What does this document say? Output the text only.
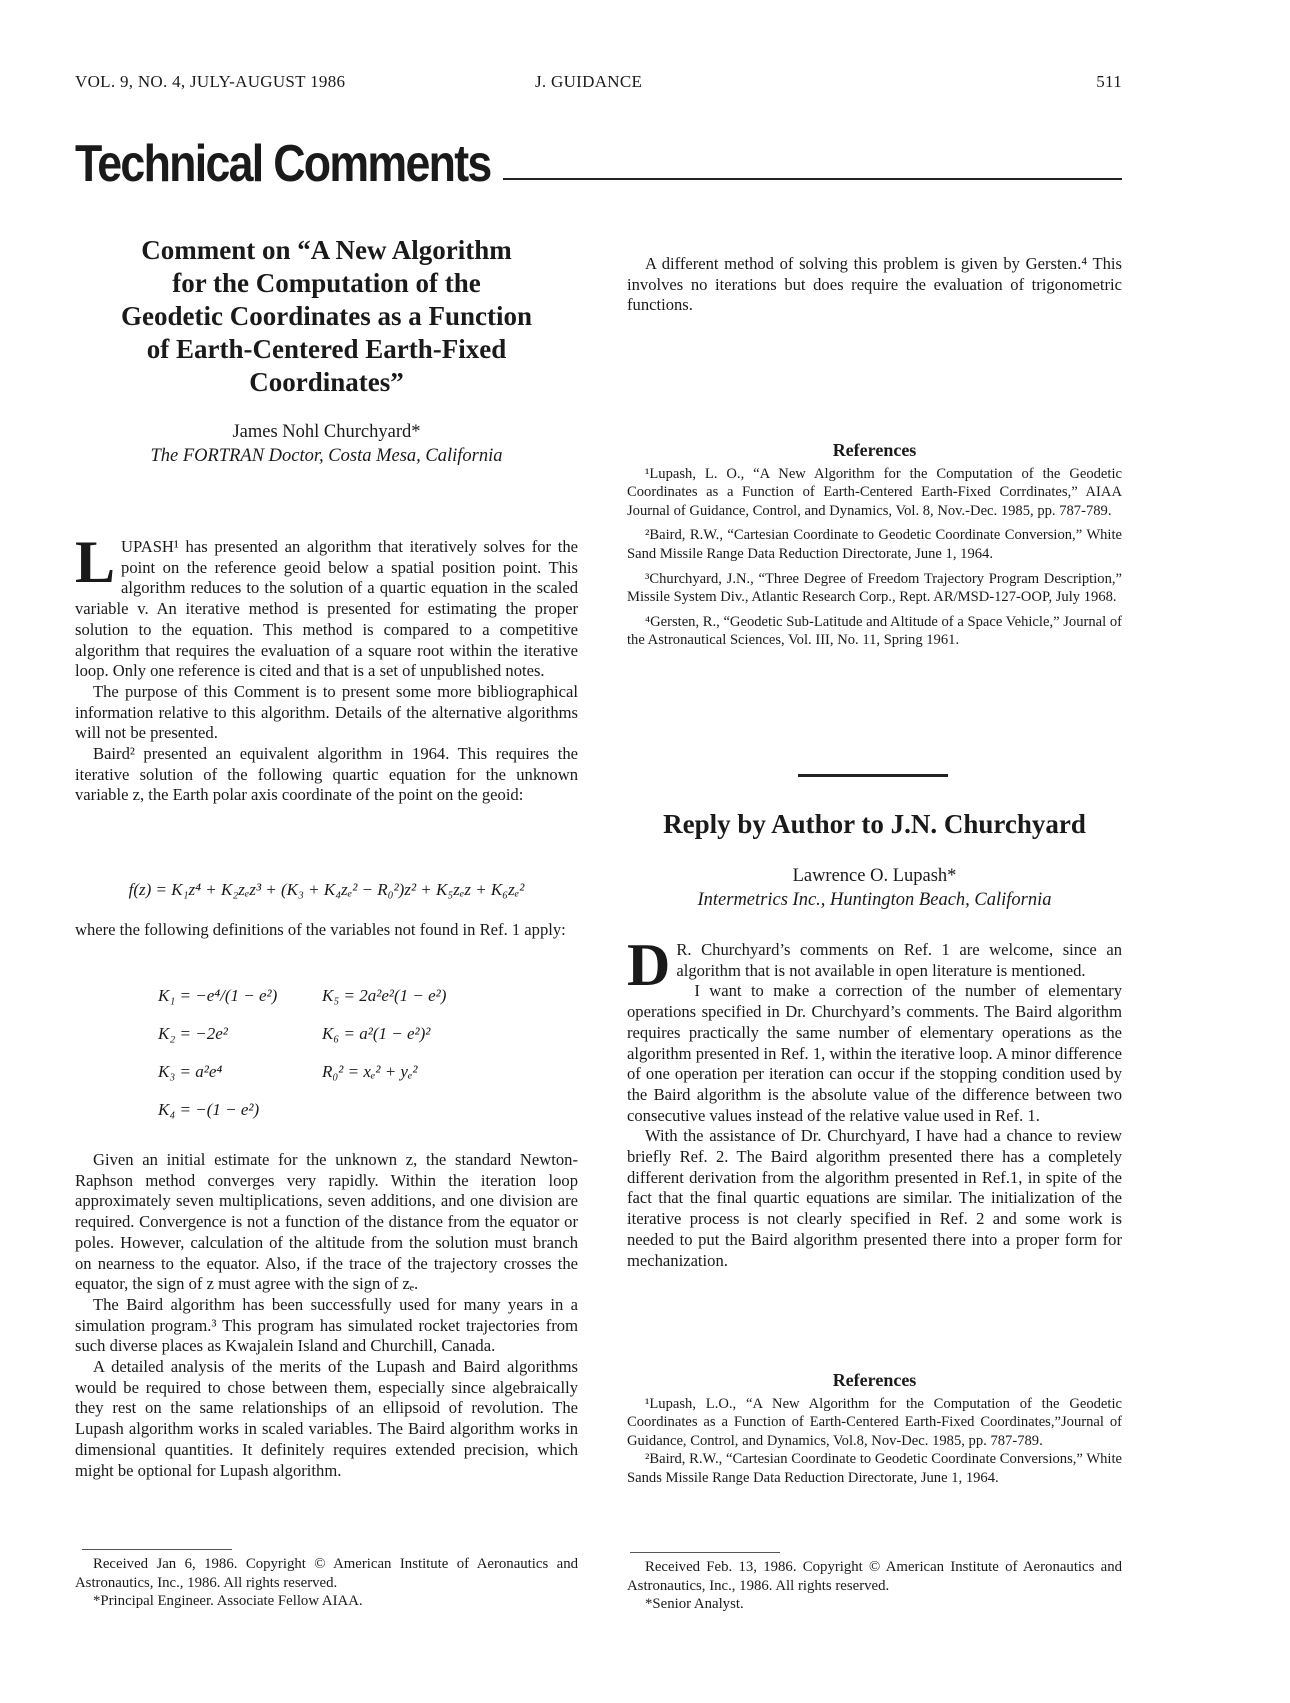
VOL. 9, NO. 4, JULY-AUGUST 1986	J. GUIDANCE	511
Technical Comments
Comment on “A New Algorithm for the Computation of the Geodetic Coordinates as a Function of Earth-Centered Earth-Fixed Coordinates”

James Nohl Churchyard*

The FORTRAN Doctor, Costa Mesa, California

LUPASH¹ has presented an algorithm that iteratively solves for the point on the reference geoid below a spatial position point. This algorithm reduces to the solution of a quartic equation in the scaled variable v. An iterative method is presented for estimating the proper solution to the equation. This method is compared to a competitive algorithm that requires the evaluation of a square root within the iterative loop. Only one reference is cited and that is a set of unpublished notes.

The purpose of this Comment is to present some more bibliographical information relative to this algorithm. Details of the alternative algorithms will not be presented.

Baird² presented an equivalent algorithm in 1964. This requires the iterative solution of the following quartic equation for the unknown variable z, the Earth polar axis coordinate of the point on the geoid:

f(z) = K₁z⁴ + K₂zₑz³ + (K₃ + K₄zₑ² − R₀²)z² + K₅zₑz + K₆zₑ²

where the following definitions of the variables not found in Ref. 1 apply:

K₁ = −e⁴/(1 − e²)	K₅ = 2a²e²(1 − e²)
K₂ = −2e²	K₆ = a²(1 − e²)²
K₃ = a²e⁴	R₀² = xₑ² + yₑ²
K₄ = −(1 − e²)

Given an initial estimate for the unknown z, the standard Newton-Raphson method converges very rapidly. Within the iteration loop approximately seven multiplications, seven additions, and one division are required. Convergence is not a function of the distance from the equator or poles. However, calculation of the altitude from the solution must branch on nearness to the equator. Also, if the trace of the trajectory crosses the equator, the sign of z must agree with the sign of zₑ.

The Baird algorithm has been successfully used for many years in a simulation program.³ This program has simulated rocket trajectories from such diverse places as Kwajalein Island and Churchill, Canada.

A detailed analysis of the merits of the Lupash and Baird algorithms would be required to chose between them, especially since algebraically they rest on the same relationships of an ellipsoid of revolution. The Lupash algorithm works in scaled variables. The Baird algorithm works in dimensional quantities. It definitely requires extended precision, which might be optional for Lupash algorithm.

Received Jan 6, 1986. Copyright © American Institute of Aeronautics and Astronautics, Inc., 1986. All rights reserved.

*Principal Engineer. Associate Fellow AIAA.

A different method of solving this problem is given by Gersten.⁴ This involves no iterations but does require the evaluation of trigonometric functions.

References

¹Lupash, L. O., “A New Algorithm for the Computation of the Geodetic Coordinates as a Function of Earth-Centered Earth-Fixed Corrdinates,” AIAA Journal of Guidance, Control, and Dynamics, Vol. 8, Nov.-Dec. 1985, pp. 787-789.

²Baird, R.W., “Cartesian Coordinate to Geodetic Coordinate Conversion,” White Sand Missile Range Data Reduction Directorate, June 1, 1964.

³Churchyard, J.N., “Three Degree of Freedom Trajectory Program Description,” Missile System Div., Atlantic Research Corp., Rept. AR/MSD-127-OOP, July 1968.

⁴Gersten, R., “Geodetic Sub-Latitude and Altitude of a Space Vehicle,” Journal of the Astronautical Sciences, Vol. III, No. 11, Spring 1961.

Reply by Author to J.N. Churchyard

Lawrence O. Lupash*

Intermetrics Inc., Huntington Beach, California

D R. Churchyard’s comments on Ref. 1 are welcome, since an algorithm that is not available in open literature is mentioned.

I want to make a correction of the number of elementary operations specified in Dr. Churchyard’s comments. The Baird algorithm requires practically the same number of elementary operations as the algorithm presented in Ref. 1, within the iterative loop. A minor difference of one operation per iteration can occur if the stopping condition used by the Baird algorithm is the absolute value of the difference between two consecutive values instead of the relative value used in Ref. 1.

With the assistance of Dr. Churchyard, I have had a chance to review briefly Ref. 2. The Baird algorithm presented there has a completely different derivation from the algorithm presented in Ref.1, in spite of the fact that the final quartic equations are similar. The initialization of the iterative process is not clearly specified in Ref. 2 and some work is needed to put the Baird algorithm presented there into a proper form for mechanization.

References

¹Lupash, L.O., “A New Algorithm for the Computation of the Geodetic Coordinates as a Function of Earth-Centered Earth-Fixed Coordinates,”Journal of Guidance, Control, and Dynamics, Vol.8, Nov-Dec. 1985, pp. 787-789.

²Baird, R.W., “Cartesian Coordinate to Geodetic Coordinate Conversions,” White Sands Missile Range Data Reduction Directorate, June 1, 1964.

Received Feb. 13, 1986. Copyright © American Institute of Aeronautics and Astronautics, Inc., 1986. All rights reserved.

*Senior Analyst.
